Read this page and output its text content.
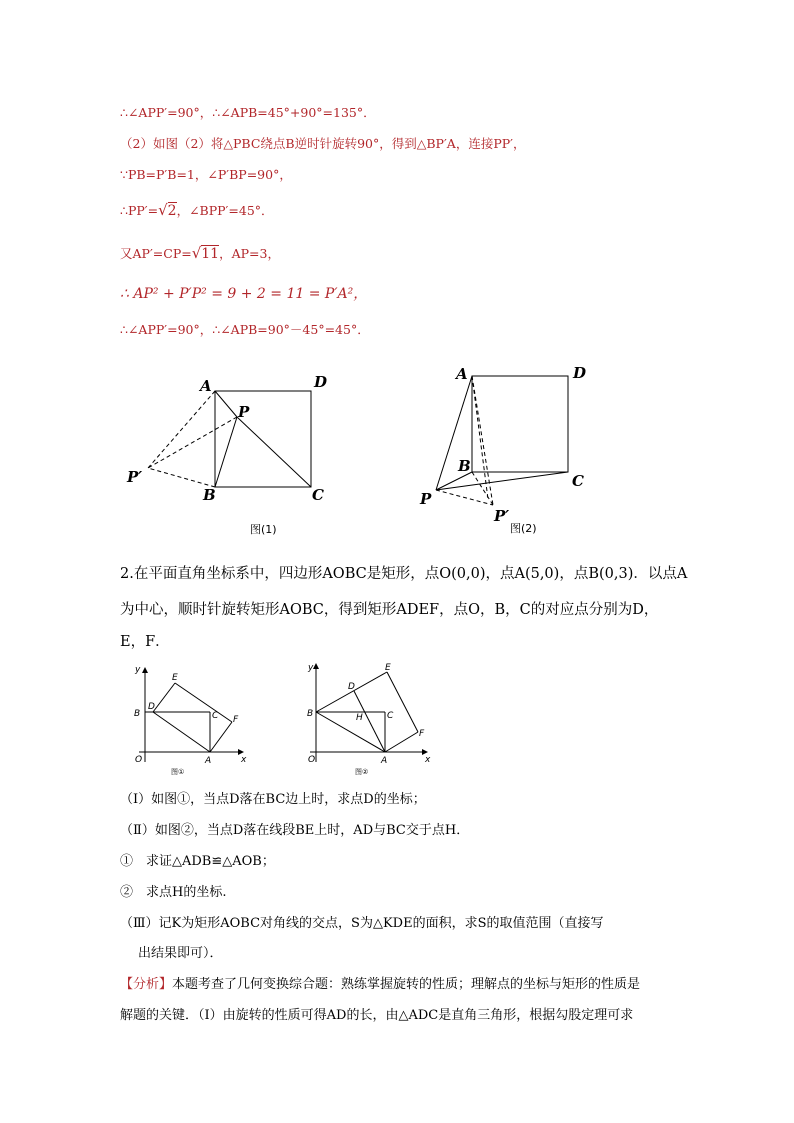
∴∠APP′=90°，∴∠APB=45°+90°=135°．
（2）如图（2）将△PBC绕点B逆时针旋转90°，得到△BP′A，连接PP′，
∵PB=P′B=1，∠P′BP=90°，
∴PP′=√2，∠BPP′=45°．
又AP′=CP=√11，AP=3，
∴ AP² + P′P² = 9 + 2 = 11 = P′A²，
∴∠APP′=90°，∴∠APB=90°－45°=45°．
A	D
P
P′
B	C
图(1)
A	D
B
C
P
P′
图(2)
2.在平面直角坐标系中，四边形AOBC是矩形，点O(0,0)，点A(5,0)，点B(0,3)．以点A
为中心，顺时针旋转矩形AOBC，得到矩形ADEF，点O，B，C的对应点分别为D，
E，F．
y
x
O	A
B	C
D
E
F
图①
y
x
O	A
B	C
D
E
F
H
图②
（Ⅰ）如图①，当点D落在BC边上时，求点D的坐标；
（Ⅱ）如图②，当点D落在线段BE上时，AD与BC交于点H．
①　求证△ADB≌△AOB；
②　求点H的坐标.
（Ⅲ）记K为矩形AOBC对角线的交点，S为△KDE的面积，求S的取值范围（直接写
出结果即可）．
【分析】本题考查了几何变换综合题：熟练掌握旋转的性质；理解点的坐标与矩形的性质是
解题的关键．（Ⅰ）由旋转的性质可得AD的长，由△ADC是直角三角形，根据勾股定理可求
